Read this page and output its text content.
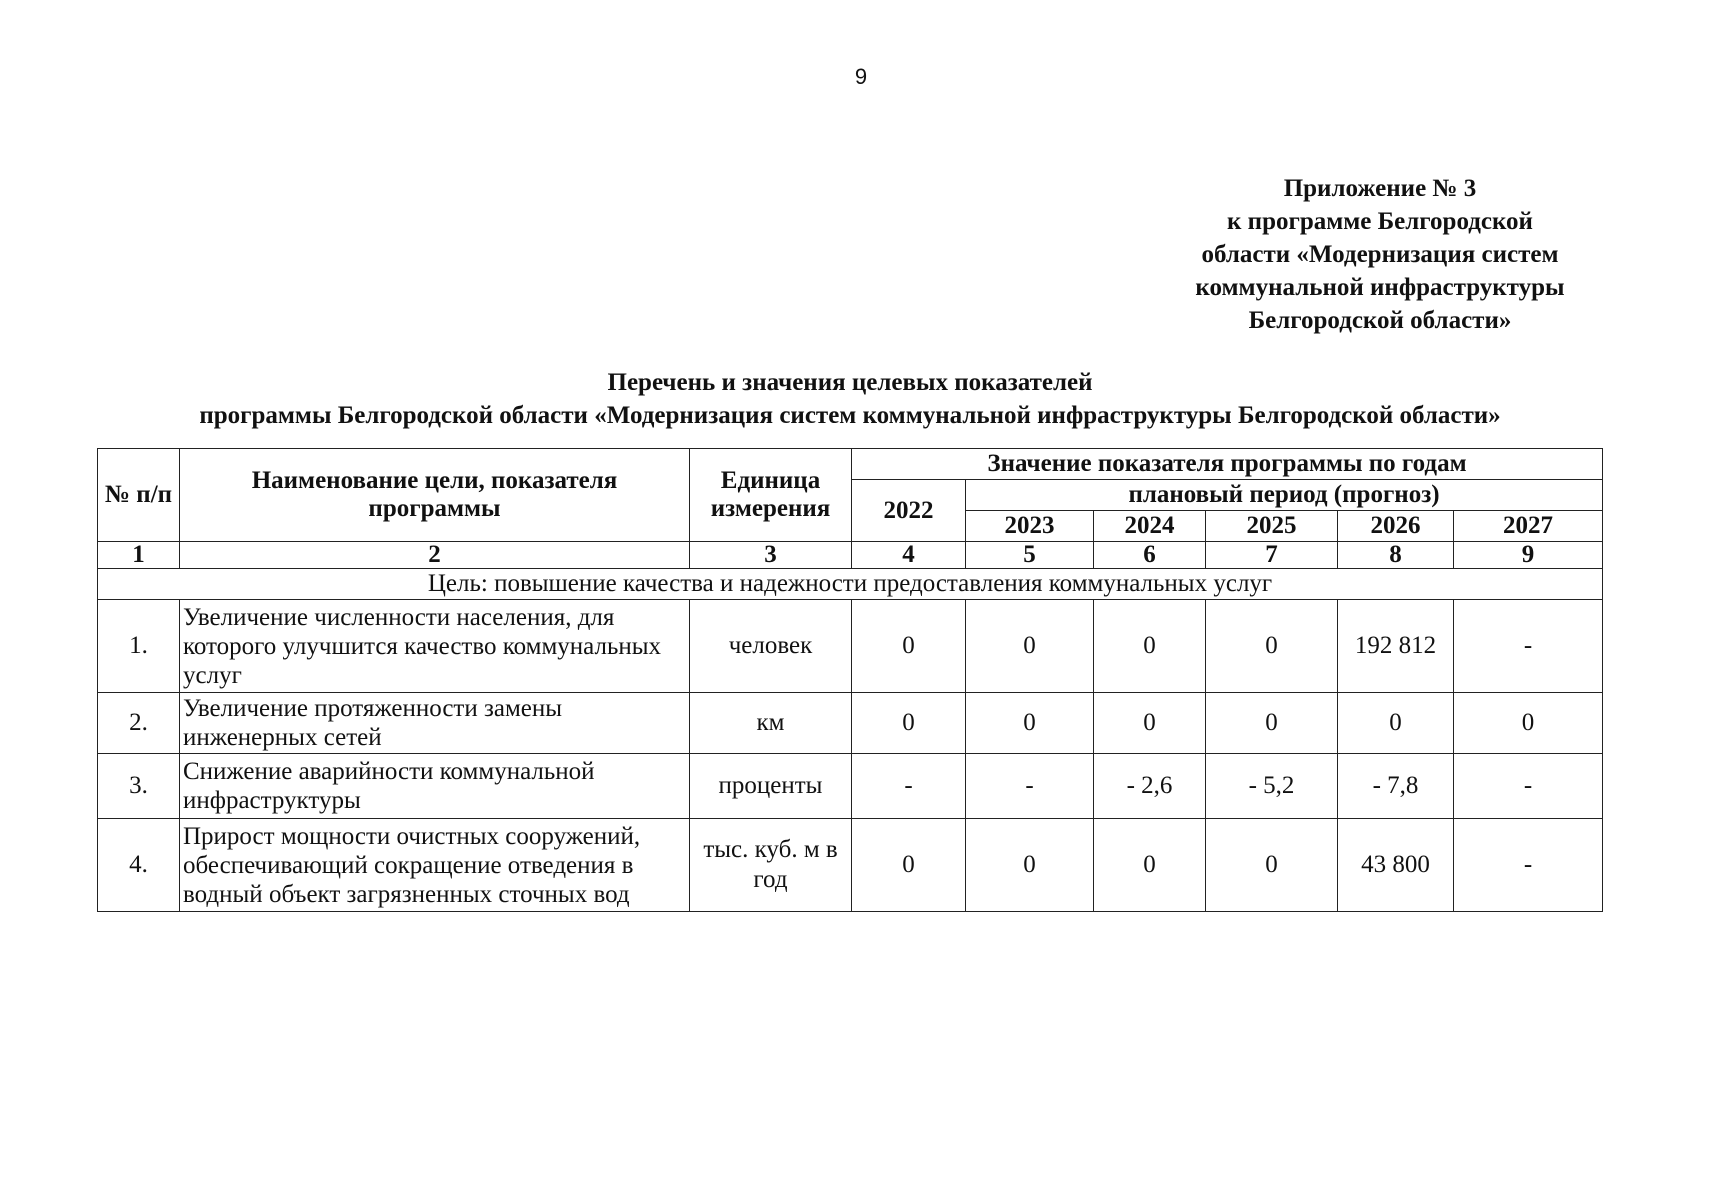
9
Приложение № 3
к программе Белгородской
области «Модернизация систем
коммунальной инфраструктуры
Белгородской области»
Перечень и значения целевых показателей
программы Белгородской области «Модернизация систем коммунальной инфраструктуры Белгородской области»
№ п/п	Наименование цели, показателя программы	Единица измерения	Значение показателя программы по годам					
			2022	плановый период (прогноз)				
				2023	2024	2025	2026	2027
1	2	3	4	5	6	7	8	9
Цель: повышение качества и надежности предоставления коммунальных услуг								
1.	Увеличение численности населения, для которого улучшится качество коммунальных услуг	человек	0	0	0	0	192 812	-
2.	Увеличение протяженности замены инженерных сетей	км	0	0	0	0	0	0
3.	Снижение аварийности коммунальной инфраструктуры	проценты	-	-	- 2,6	- 5,2	- 7,8	-
4.	Прирост мощности очистных сооружений, обеспечивающий сокращение отведения в водный объект загрязненных сточных вод	тыс. куб. м в год	0	0	0	0	43 800	-
